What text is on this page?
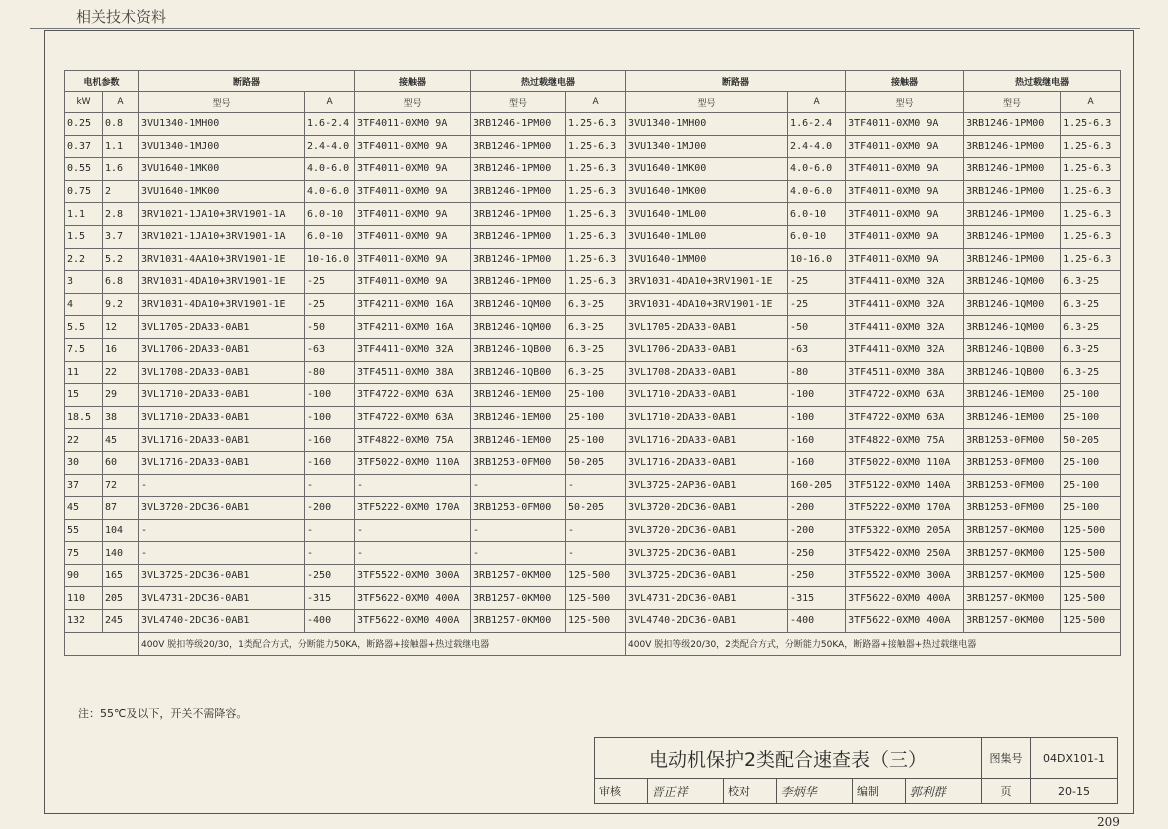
相关技术资料
电机参数		断路器		接触器	热过载继电器		断路器		接触器	热过载继电器	
kW	A	型号	A	型号	型号	A	型号	A	型号	型号	A
0.25	0.8	3VU1340-1MH00	1.6-2.4	3TF4011-0XM0 9A	3RB1246-1PM00	1.25-6.3	3VU1340-1MH00	1.6-2.4	3TF4011-0XM0 9A	3RB1246-1PM00	1.25-6.3
0.37	1.1	3VU1340-1MJ00	2.4-4.0	3TF4011-0XM0 9A	3RB1246-1PM00	1.25-6.3	3VU1340-1MJ00	2.4-4.0	3TF4011-0XM0 9A	3RB1246-1PM00	1.25-6.3
0.55	1.6	3VU1640-1MK00	4.0-6.0	3TF4011-0XM0 9A	3RB1246-1PM00	1.25-6.3	3VU1640-1MK00	4.0-6.0	3TF4011-0XM0 9A	3RB1246-1PM00	1.25-6.3
0.75	2	3VU1640-1MK00	4.0-6.0	3TF4011-0XM0 9A	3RB1246-1PM00	1.25-6.3	3VU1640-1MK00	4.0-6.0	3TF4011-0XM0 9A	3RB1246-1PM00	1.25-6.3
1.1	2.8	3RV1021-1JA10+3RV1901-1A	6.0-10	3TF4011-0XM0 9A	3RB1246-1PM00	1.25-6.3	3VU1640-1ML00	6.0-10	3TF4011-0XM0 9A	3RB1246-1PM00	1.25-6.3
1.5	3.7	3RV1021-1JA10+3RV1901-1A	6.0-10	3TF4011-0XM0 9A	3RB1246-1PM00	1.25-6.3	3VU1640-1ML00	6.0-10	3TF4011-0XM0 9A	3RB1246-1PM00	1.25-6.3
2.2	5.2	3RV1031-4AA10+3RV1901-1E	10-16.0	3TF4011-0XM0 9A	3RB1246-1PM00	1.25-6.3	3VU1640-1MM00	10-16.0	3TF4011-0XM0 9A	3RB1246-1PM00	1.25-6.3
3	6.8	3RV1031-4DA10+3RV1901-1E	-25	3TF4011-0XM0 9A	3RB1246-1PM00	1.25-6.3	3RV1031-4DA10+3RV1901-1E	-25	3TF4411-0XM0 32A	3RB1246-1QM00	6.3-25
4	9.2	3RV1031-4DA10+3RV1901-1E	-25	3TF4211-0XM0 16A	3RB1246-1QM00	6.3-25	3RV1031-4DA10+3RV1901-1E	-25	3TF4411-0XM0 32A	3RB1246-1QM00	6.3-25
5.5	12	3VL1705-2DA33-0AB1	-50	3TF4211-0XM0 16A	3RB1246-1QM00	6.3-25	3VL1705-2DA33-0AB1	-50	3TF4411-0XM0 32A	3RB1246-1QM00	6.3-25
7.5	16	3VL1706-2DA33-0AB1	-63	3TF4411-0XM0 32A	3RB1246-1QB00	6.3-25	3VL1706-2DA33-0AB1	-63	3TF4411-0XM0 32A	3RB1246-1QB00	6.3-25
11	22	3VL1708-2DA33-0AB1	-80	3TF4511-0XM0 38A	3RB1246-1QB00	6.3-25	3VL1708-2DA33-0AB1	-80	3TF4511-0XM0 38A	3RB1246-1QB00	6.3-25
15	29	3VL1710-2DA33-0AB1	-100	3TF4722-0XM0 63A	3RB1246-1EM00	25-100	3VL1710-2DA33-0AB1	-100	3TF4722-0XM0 63A	3RB1246-1EM00	25-100
18.5	38	3VL1710-2DA33-0AB1	-100	3TF4722-0XM0 63A	3RB1246-1EM00	25-100	3VL1710-2DA33-0AB1	-100	3TF4722-0XM0 63A	3RB1246-1EM00	25-100
22	45	3VL1716-2DA33-0AB1	-160	3TF4822-0XM0 75A	3RB1246-1EM00	25-100	3VL1716-2DA33-0AB1	-160	3TF4822-0XM0 75A	3RB1253-0FM00	50-205
30	60	3VL1716-2DA33-0AB1	-160	3TF5022-0XM0 110A	3RB1253-0FM00	50-205	3VL1716-2DA33-0AB1	-160	3TF5022-0XM0 110A	3RB1253-0FM00	25-100
37	72	-	-	-	-	-	3VL3725-2AP36-0AB1	160-205	3TF5122-0XM0 140A	3RB1253-0FM00	25-100
45	87	3VL3720-2DC36-0AB1	-200	3TF5222-0XM0 170A	3RB1253-0FM00	50-205	3VL3720-2DC36-0AB1	-200	3TF5222-0XM0 170A	3RB1253-0FM00	25-100
55	104	-	-	-	-	-	3VL3720-2DC36-0AB1	-200	3TF5322-0XM0 205A	3RB1257-0KM00	125-500
75	140	-	-	-	-	-	3VL3725-2DC36-0AB1	-250	3TF5422-0XM0 250A	3RB1257-0KM00	125-500
90	165	3VL3725-2DC36-0AB1	-250	3TF5522-0XM0 300A	3RB1257-0KM00	125-500	3VL3725-2DC36-0AB1	-250	3TF5522-0XM0 300A	3RB1257-0KM00	125-500
110	205	3VL4731-2DC36-0AB1	-315	3TF5622-0XM0 400A	3RB1257-0KM00	125-500	3VL4731-2DC36-0AB1	-315	3TF5622-0XM0 400A	3RB1257-0KM00	125-500
132	245	3VL4740-2DC36-0AB1	-400	3TF5622-0XM0 400A	3RB1257-0KM00	125-500	3VL4740-2DC36-0AB1	-400	3TF5622-0XM0 400A	3RB1257-0KM00	125-500
		400V 脱扣等级20/30，1类配合方式，分断能力50KA，断路器+接触器+热过载继电器					400V 脱扣等级20/30，2类配合方式，分断能力50KA，断路器+接触器+热过载继电器				
注：55℃及以下，开关不需降容。
电动机保护2类配合速查表（三）						图集号	04DX101-1
审核	晋正祥	校对	李炳华	编制	郭利群	页	20-15
209
